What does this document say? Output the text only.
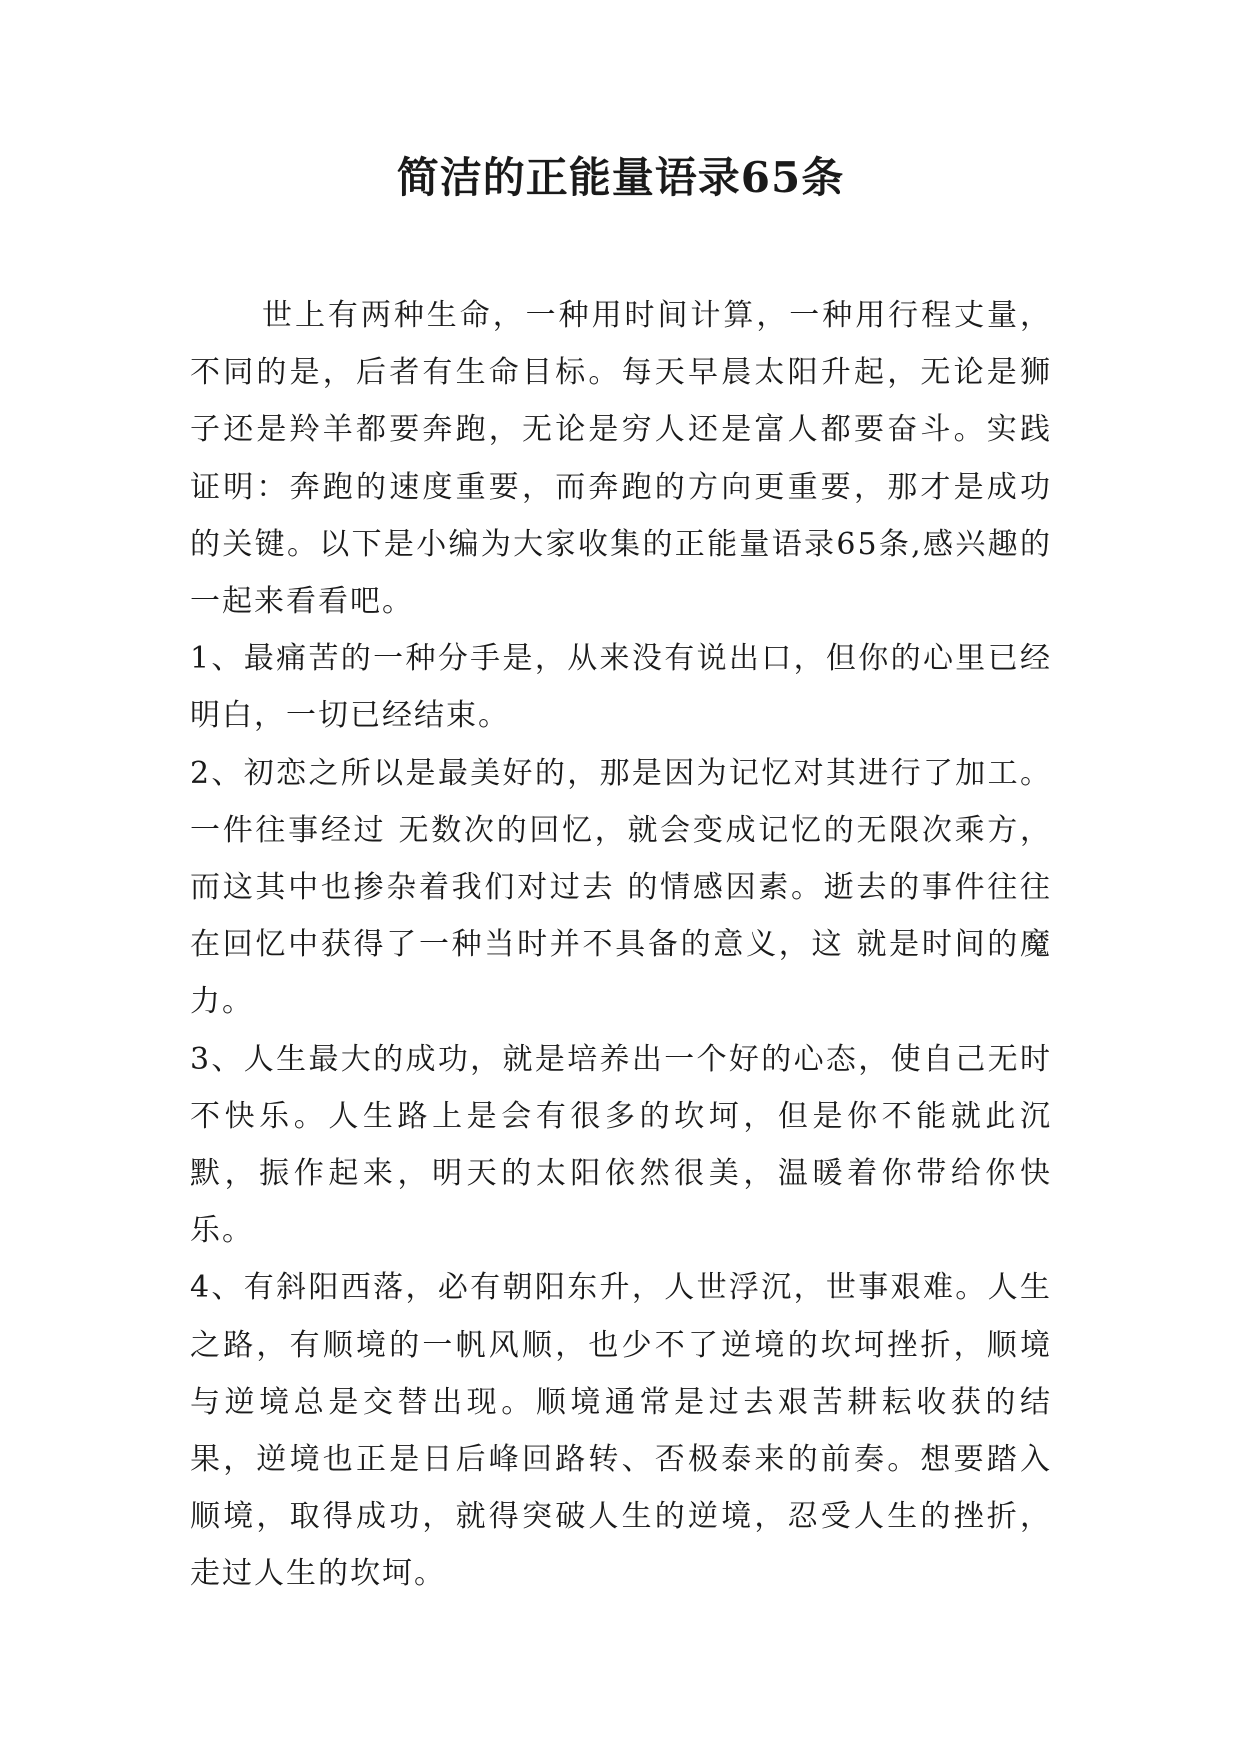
简洁的正能量语录65条

世上有两种生命，一种用时间计算，一种用行程丈量，不同的是，后者有生命目标。每天早晨太阳升起，无论是狮子还是羚羊都要奔跑，无论是穷人还是富人都要奋斗。实践证明：奔跑的速度重要，而奔跑的方向更重要，那才是成功的关键。以下是小编为大家收集的正能量语录65条,感兴趣的一起来看看吧。

1、最痛苦的一种分手是，从来没有说出口，但你的心里已经明白，一切已经结束。

2、初恋之所以是最美好的，那是因为记忆对其进行了加工。一件往事经过 无数次的回忆，就会变成记忆的无限次乘方，而这其中也掺杂着我们对过去 的情感因素。逝去的事件往往在回忆中获得了一种当时并不具备的意义，这 就是时间的魔力。

3、人生最大的成功，就是培养出一个好的心态，使自己无时不快乐。人生路上是会有很多的坎坷，但是你不能就此沉默，振作起来，明天的太阳依然很美，温暖着你带给你快乐。

4、有斜阳西落，必有朝阳东升，人世浮沉，世事艰难。人生之路，有顺境的一帆风顺，也少不了逆境的坎坷挫折，顺境与逆境总是交替出现。顺境通常是过去艰苦耕耘收获的结果，逆境也正是日后峰回路转、否极泰来的前奏。想要踏入顺境，取得成功，就得突破人生的逆境，忍受人生的挫折，走过人生的坎坷。
